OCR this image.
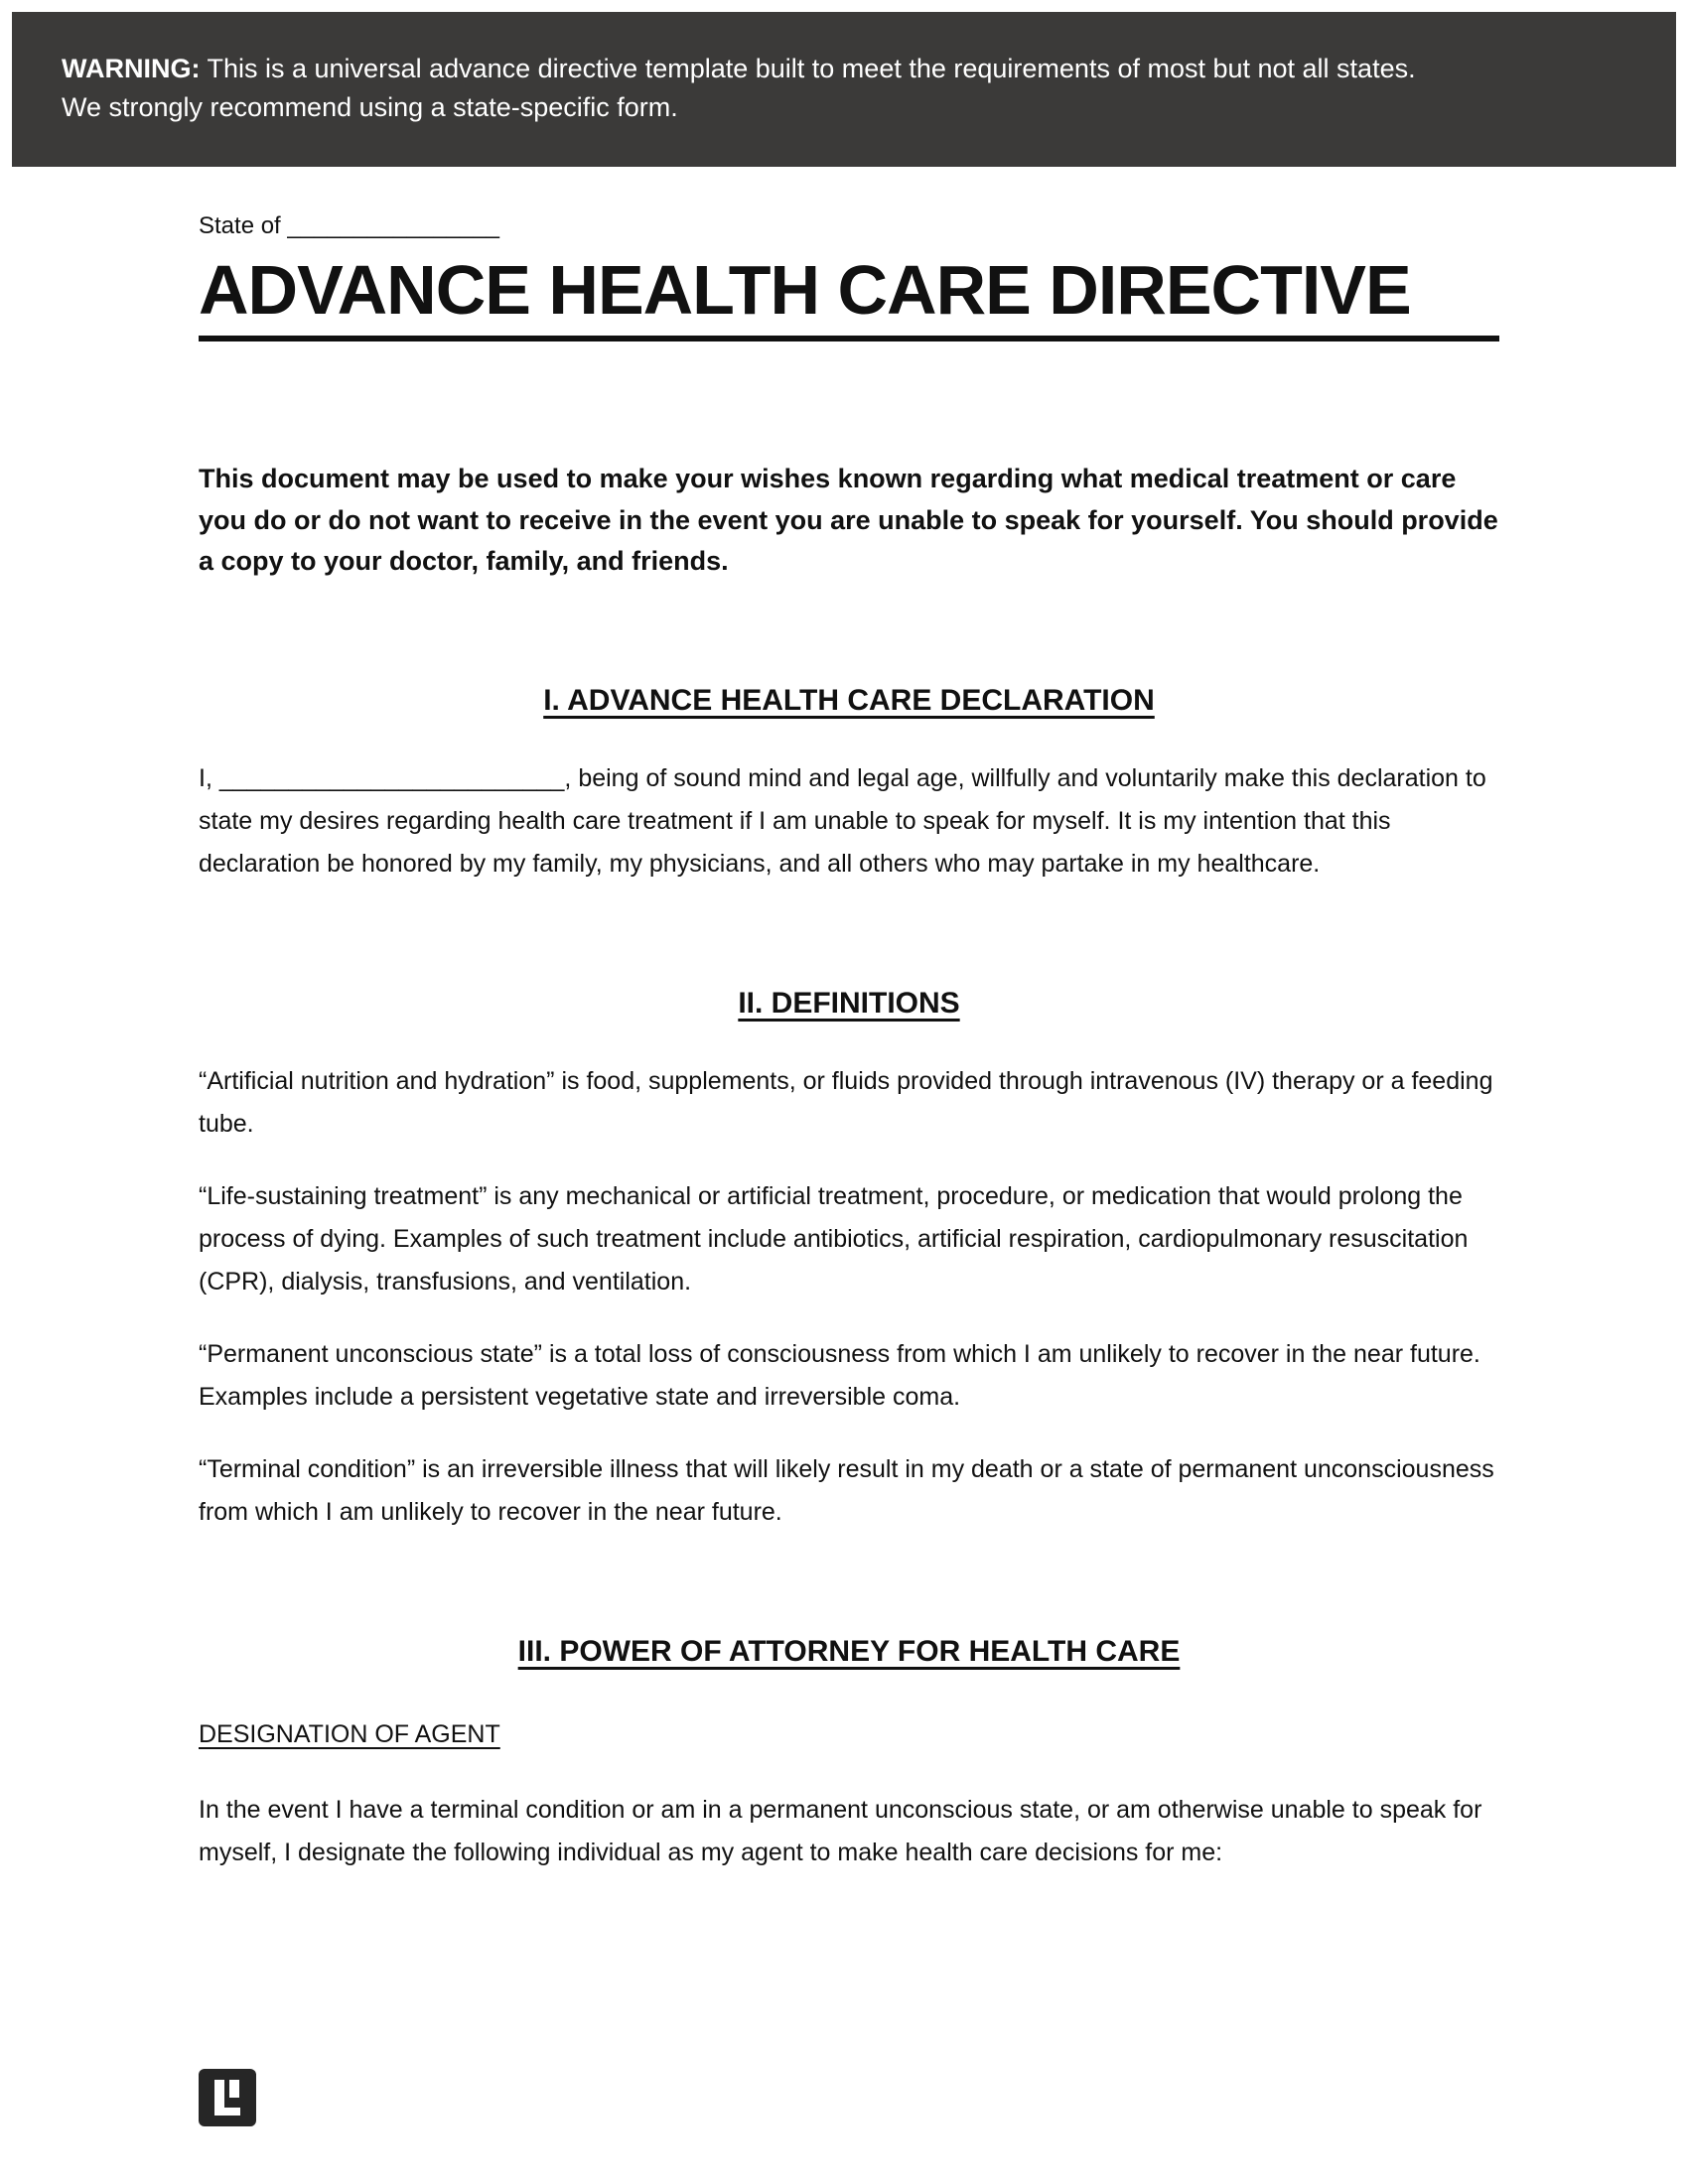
WARNING: This is a universal advance directive template built to meet the requirements of most but not all states. We strongly recommend using a state-specific form.

State of ________________

ADVANCE HEALTH CARE DIRECTIVE

This document may be used to make your wishes known regarding what medical treatment or care you do or do not want to receive in the event you are unable to speak for yourself. You should provide a copy to your doctor, family, and friends.

I. ADVANCE HEALTH CARE DECLARATION

I, _________________________, being of sound mind and legal age, willfully and voluntarily make this declaration to state my desires regarding health care treatment if I am unable to speak for myself. It is my intention that this declaration be honored by my family, my physicians, and all others who may partake in my healthcare.

II. DEFINITIONS

“Artificial nutrition and hydration” is food, supplements, or fluids provided through intravenous (IV) therapy or a feeding tube.

“Life-sustaining treatment” is any mechanical or artificial treatment, procedure, or medication that would prolong the process of dying. Examples of such treatment include antibiotics, artificial respiration, cardiopulmonary resuscitation (CPR), dialysis, transfusions, and ventilation.

“Permanent unconscious state” is a total loss of consciousness from which I am unlikely to recover in the near future. Examples include a persistent vegetative state and irreversible coma.

“Terminal condition” is an irreversible illness that will likely result in my death or a state of permanent unconsciousness from which I am unlikely to recover in the near future.

III. POWER OF ATTORNEY FOR HEALTH CARE

DESIGNATION OF AGENT

In the event I have a terminal condition or am in a permanent unconscious state, or am otherwise unable to speak for myself, I designate the following individual as my agent to make health care decisions for me:
